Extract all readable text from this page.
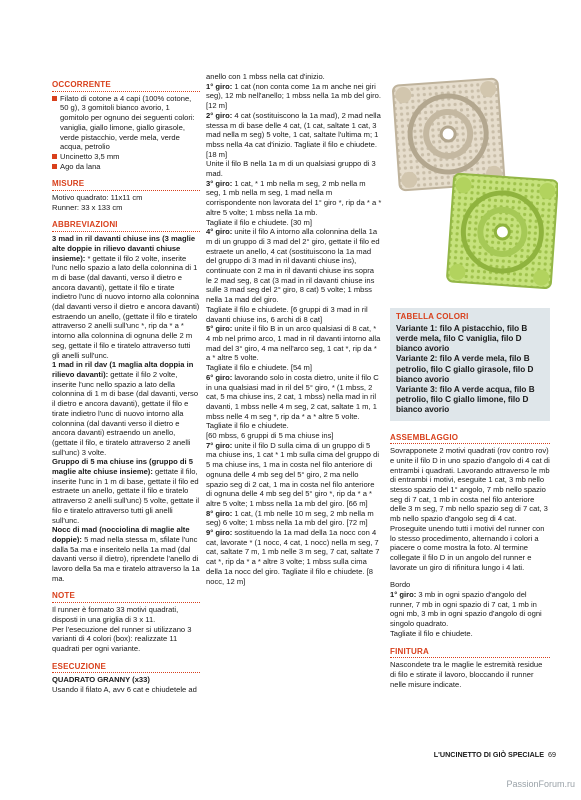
OCCORRENTE
Filato di cotone a 4 capi (100% cotone, 50 g), 3 gomitoli bianco avorio, 1 gomitolo per ognuno dei seguenti colori: vaniglia, giallo limone, giallo girasole, verde pistacchio, verde mela, verde acqua, petrolio
Uncinetto 3,5 mm
Ago da lana
MISURE
Motivo quadrato: 11x11 cm
Runner: 33 x 133 cm
ABBREVIAZIONI
3 mad in ril davanti chiuse ins (3 maglie alte doppie in rilievo davanti chiuse insieme): * gettate il filo 2 volte, inserite l'unc nello spazio a lato della colonnina di 1 m di base (dal davanti, verso il dietro e ancora davanti), gettate il filo e tirate indietro l'unc di nuovo intorno alla colonnina (dal davanti verso il dietro e ancora davanti) estraendo un anello, (gettate il filo e tiratelo attraverso 2 anelli sull'unc *, rip da * a * intorno alla colonnina di ognuna delle 2 m seg, gettate il filo e tiratelo attraverso tutti gli anelli sull'unc.
1 mad in ril dav (1 maglia alta doppia in rilievo davanti): gettate il filo 2 volte, inserite l'unc nello spazio a lato della colonnina di 1 m di base (dal davanti, verso il dietro e ancora davanti), gettate il filo e tirate indietro l'unc di nuovo intorno alla colonnina (dal davanti verso il dietro e ancora davanti) estraendo un anello, (gettate il filo, e tiratelo attraverso 2 anelli sull'unc) 3 volte.
Gruppo di 5 ma chiuse ins (gruppo di 5 maglie alte chiuse insieme): gettate il filo, inserite l'unc in 1 m di base, gettate il filo ed estraete un anello, gettate il filo e tiratelo attraverso 2 anelli sull'unc) 5 volte, gettate il filo e tiratelo attraverso tutti gli anelli sull'unc.
Nocc di mad (nocciolina di maglie alte doppie): 5 mad nella stessa m, sfilate l'unc dalla 5a ma e inseritelo nella 1a mad (dal davanti verso il dietro), riprendete l'anello di lavoro della 5a ma e tiratelo attraverso la 1a ma.
NOTE
Il runner è formato 33 motivi quadrati, disposti in una griglia di 3 x 11.
Per l'esecuzione del runner si utilizzano 3 varianti di 4 colori (box): realizzate 11 quadrati per ogni variante.
ESECUZIONE
QUADRATO GRANNY (x33)
Usando il filato A, avv 6 cat e chiudetele ad
anello con 1 mbss nella cat d'inizio.
1° giro: 1 cat (non conta come 1a m anche nei giri seg), 12 mb nell'anello; 1 mbss nella 1a mb del giro. [12 m]
2° giro: 4 cat (sostituiscono la 1a mad), 2 mad nella stessa m di base delle 4 cat, (1 cat, saltate 1 cat, 3 mad nella m seg) 5 volte, 1 cat, saltate l'ultima m; 1 mbss nella 4a cat d'inizio. Tagliate il filo e chiudete. [18 m]
Unite il filo B nella 1a m di un qualsiasi gruppo di 3 mad.
3° giro: 1 cat, * 1 mb nella m seg, 2 mb nella m seg, 1 mb nella m seg, 1 mad nella m corrispondente non lavorata del 1° giro *, rip da * a * altre 5 volte; 1 mbss nella 1a mb.
Tagliate il filo e chiudete. [30 m]
4° giro: unite il filo A intorno alla colonnina della 1a m di un gruppo di 3 mad del 2° giro, gettate il filo ed estraete un anello, 4 cat (sostituiscono la 1a mad del gruppo di 3 mad in ril davanti chiuse ins), continuate con 2 ma in ril davanti chiuse ins sopra le 2 mad seg, 8 cat (3 mad in ril davanti chiuse ins sulle 3 mad seg del 2° giro, 8 cat) 5 volte; 1 mbss nella 1a mad del giro.
Tagliate il filo e chiudete. [6 gruppi di 3 mad in ril davanti chiuse ins, 6 archi di 8 cat]
5° giro: unite il filo B in un arco qualsiasi di 8 cat, * 4 mb nel primo arco, 1 mad in ril davanti intorno alla mad del 3° giro, 4 ma nell'arco seg, 1 cat *, rip da * a * altre 5 volte.
Tagliate il filo e chiudete. [54 m]
6° giro: lavorando solo in costa dietro, unite il filo C in una qualsiasi mad in ril del 5° giro, * (1 mbss, 2 cat, 5 ma chiuse ins, 2 cat, 1 mbss) nella mad in ril davanti, 1 mbss nelle 4 m seg, 2 cat, saltate 1 m, 1 mbss nelle 4 m seg *, rip da * a * altre 5 volte.
Tagliate il filo e chiudete.
[60 mbss, 6 gruppi di 5 ma chiuse ins]
7° giro: unite il filo D sulla cima di un gruppo di 5 ma chiuse ins, 1 cat * 1 mb sulla cima del gruppo di 5 ma chiuse ins, 1 ma in costa nel filo anteriore di ognuna delle 4 mb seg del 5° giro, 2 ma nello spazio seg di 2 cat, 1 ma in costa nel filo anteriore di ognuna delle 4 mb seg del 5° giro *, rip da * a * altre 5 volte; 1 mbss nella 1a mb del giro. [66 m]
8° giro: 1 cat, (1 mb nelle 10 m seg, 2 mb nella m seg) 6 volte; 1 mbss nella 1a mb del giro. [72 m]
9° giro: sostituendo la 1a mad della 1a nocc con 4 cat, lavorate * (1 nocc, 4 cat, 1 nocc) nella m seg, 7 cat, saltate 7 m, 1 mb nelle 3 m seg, 7 cat, saltate 7 cat *, rip da * a * altre 3 volte; 1 mbss sulla cima della 1a nocc del giro. Tagliate il filo e chiudete. [8 nocc, 12 m]
TABELLA COLORI
Variante 1: filo A pistacchio, filo B verde mela, filo C vaniglia, filo D bianco avorio
Variante 2: filo A verde mela, filo B petrolio, filo C giallo girasole, filo D bianco avorio
Variante 3: filo A verde acqua, filo B petrolio, filo C giallo limone, filo D bianco avorio
ASSEMBLAGGIO
Sovrapponete 2 motivi quadrati (rov contro rov) e unite il filo D in uno spazio d'angolo di 4 cat di entrambi i quadrati. Lavorando attraverso le mb di entrambi i motivi, eseguite 1 cat, 3 mb nello stesso spazio del 1° angolo, 7 mb nello spazio seg di 7 cat, 1 mb in costa nel filo anteriore delle 3 m seg, 7 mb nello spazio seg di 7 cat, 3 mb nello spazio d'angolo seg di 4 cat. Proseguite unendo tutti i motivi del runner con lo stesso procedimento, alternando i colori a piacere o come mostra la foto. Al termine collegate il filo D in un angolo del runner e lavorate un giro di rifinitura lungo i 4 lati.
Bordo
1° giro: 3 mb in ogni spazio d'angolo del runner, 7 mb in ogni spazio di 7 cat, 1 mb in ogni mb, 3 mb in ogni spazio d'angolo di ogni singolo quadrato.
Tagliate il filo e chiudete.
FINITURA
Nascondete tra le maglie le estremità residue di filo e stirate il lavoro, bloccando il runner nelle misure indicate.
L'UNCINETTO DI GIÒ SPECIALE 69
PassionForum.ru
